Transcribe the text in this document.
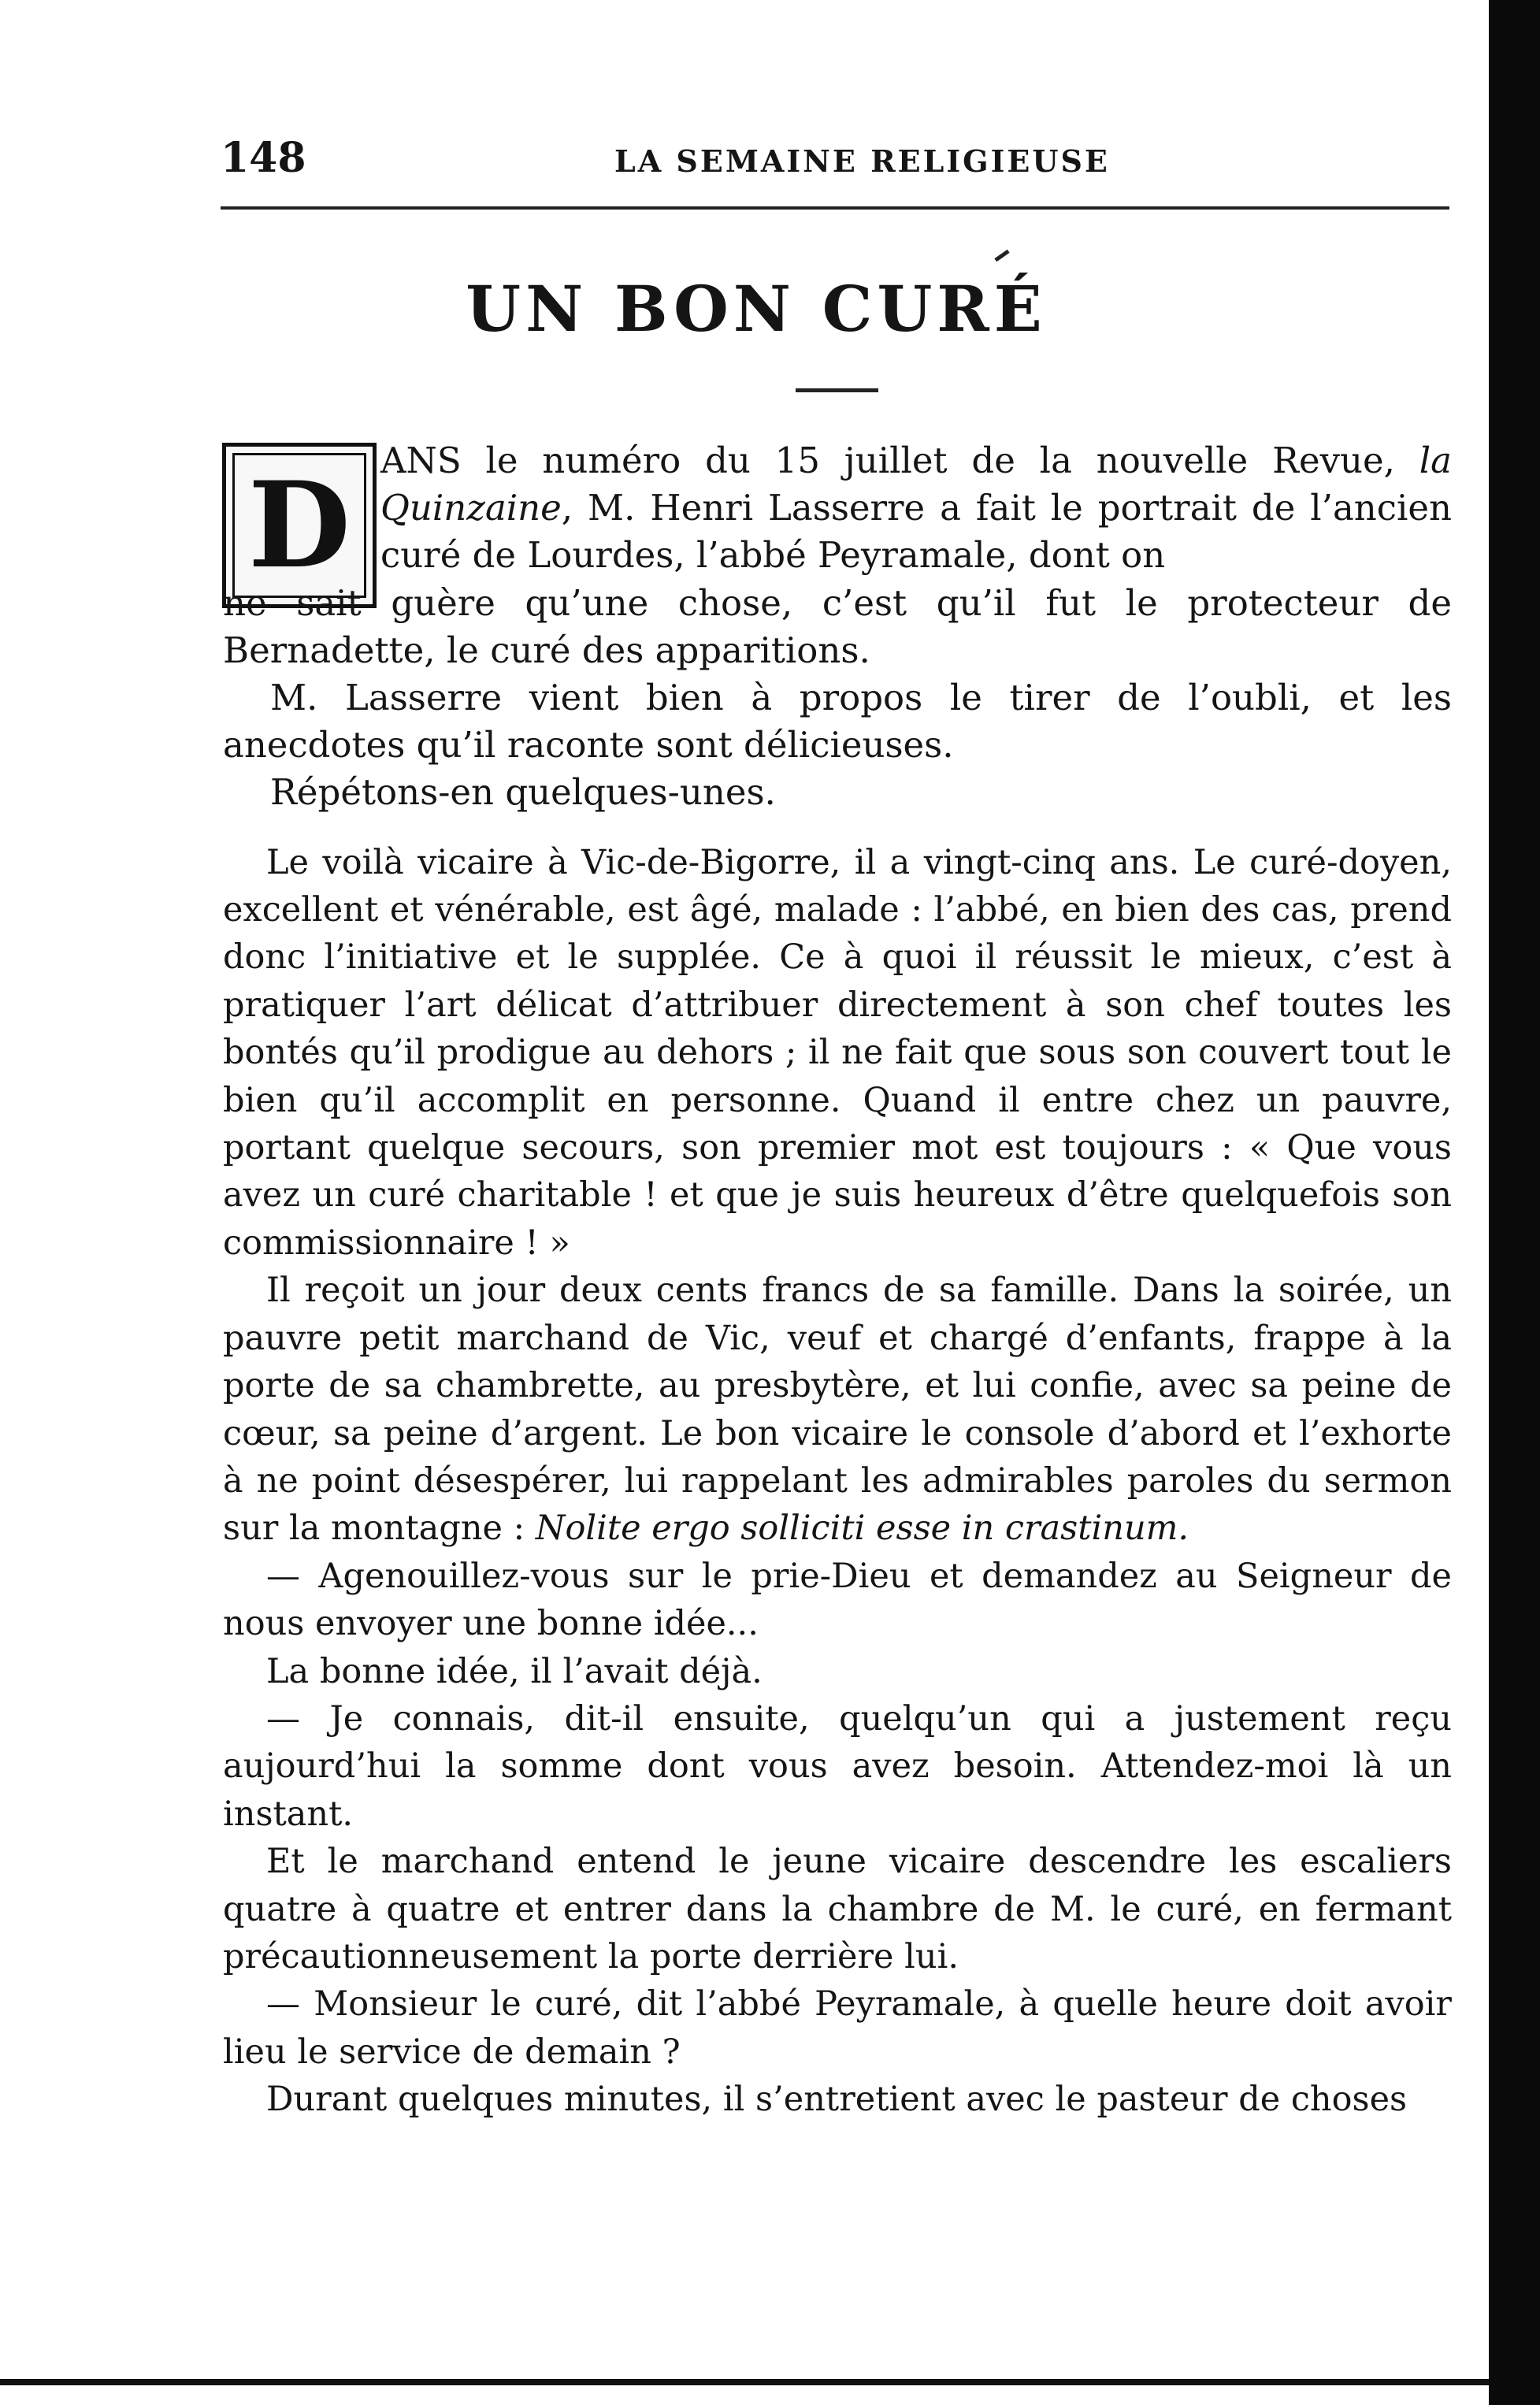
148	LA SEMAINE RELIGIEUSE
UN BON CURÉ
D ANS le numéro du 15 juillet de la nouvelle Revue, la Quinzaine, M. Henri Lasserre a fait le portrait de l’ancien curé de Lourdes, l’abbé Peyramale, dont on

ne sait guère qu’une chose, c’est qu’il fut le protecteur de Bernadette, le curé des apparitions.

M. Lasserre vient bien à propos le tirer de l’oubli, et les anecdotes qu’il raconte sont délicieuses.

Répétons-en quelques-unes.

Le voilà vicaire à Vic-de-Bigorre, il a vingt-cinq ans. Le curé-doyen, excellent et vénérable, est âgé, malade : l’abbé, en bien des cas, prend donc l’initiative et le supplée. Ce à quoi il réussit le mieux, c’est à pratiquer l’art délicat d’attribuer directement à son chef toutes les bontés qu’il prodigue au dehors ; il ne fait que sous son couvert tout le bien qu’il accomplit en personne. Quand il entre chez un pauvre, portant quelque secours, son premier mot est toujours : « Que vous avez un curé charitable ! et que je suis heureux d’être quelquefois son commissionnaire ! »

Il reçoit un jour deux cents francs de sa famille. Dans la soirée, un pauvre petit marchand de Vic, veuf et chargé d’enfants, frappe à la porte de sa chambrette, au presbytère, et lui confie, avec sa peine de cœur, sa peine d’argent. Le bon vicaire le console d’abord et l’exhorte à ne point désespérer, lui rappelant les admirables paroles du sermon sur la montagne : Nolite ergo solliciti esse in crastinum.

— Agenouillez-vous sur le prie-Dieu et demandez au Seigneur de nous envoyer une bonne idée...

La bonne idée, il l’avait déjà.

— Je connais, dit-il ensuite, quelqu’un qui a justement reçu aujourd’hui la somme dont vous avez besoin. Attendez-moi là un instant.

Et le marchand entend le jeune vicaire descendre les escaliers quatre à quatre et entrer dans la chambre de M. le curé, en fermant précautionneusement la porte derrière lui.

— Monsieur le curé, dit l’abbé Peyramale, à quelle heure doit avoir lieu le service de demain ?

Durant quelques minutes, il s’entretient avec le pasteur de choses
